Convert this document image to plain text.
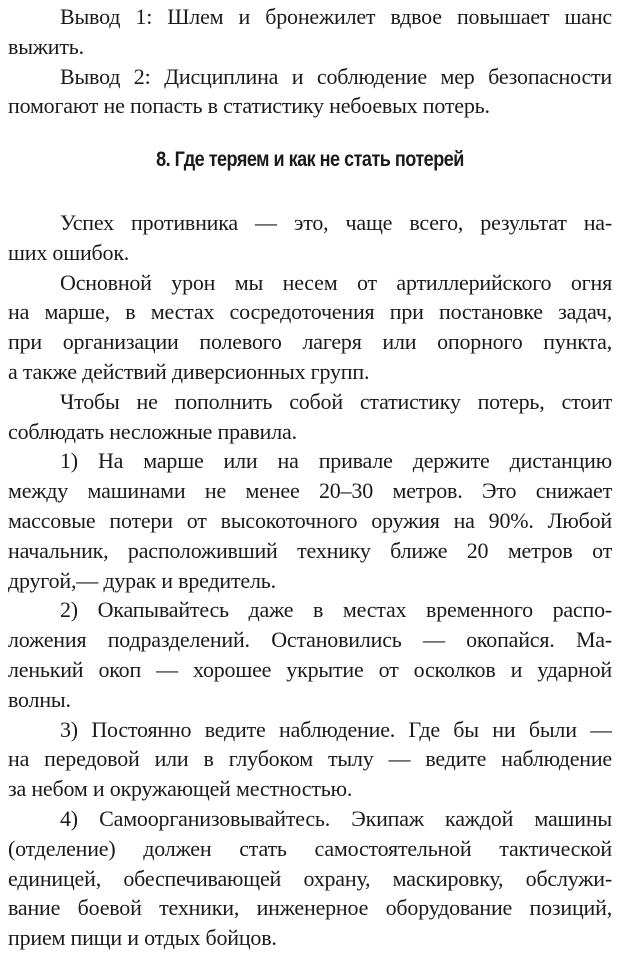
Вывод 1: Шлем и бронежилет вдвое повышает шанс
выжить.

Вывод 2: Дисциплина и соблюдение мер безопасности
помогают не попасть в статистику небоевых потерь.

8. Где теряем и как не стать потерей

Успех противника — это, чаще всего, результат на-
ших ошибок.

Основной урон мы несем от артиллерийского огня
на марше, в местах сосредоточения при постановке задач,
при организации полевого лагеря или опорного пункта,
а также действий диверсионных групп.

Чтобы не пополнить собой статистику потерь, стоит
соблюдать несложные правила.

1) На марше или на привале держите дистанцию
между машинами не менее 20–30 метров. Это снижает
массовые потери от высокоточного оружия на 90%. Любой
начальник, расположивший технику ближе 20 метров от
другой,— дурак и вредитель.

2) Окапывайтесь даже в местах временного распо-
ложения подразделений. Остановились — окопайся. Ма-
ленький окоп — хорошее укрытие от осколков и ударной
волны.

3) Постоянно ведите наблюдение. Где бы ни были —
на передовой или в глубоком тылу — ведите наблюдение
за небом и окружающей местностью.

4) Самоорганизовывайтесь. Экипаж каждой машины
(отделение) должен стать самостоятельной тактической
единицей, обеспечивающей охрану, маскировку, обслужи-
вание боевой техники, инженерное оборудование позиций,
прием пищи и отдых бойцов.
